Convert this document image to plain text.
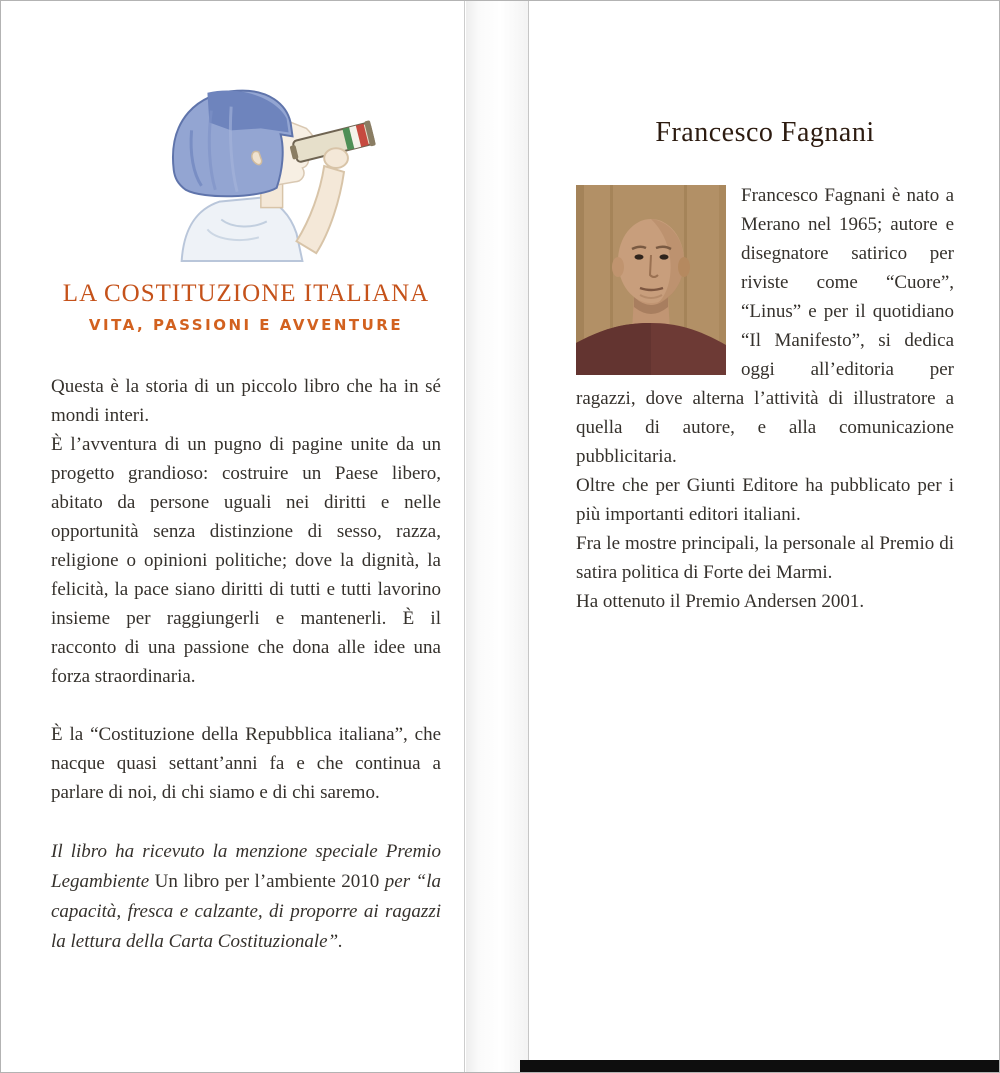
LA COSTITUZIONE ITALIANA
VITA, PASSIONI E AVVENTURE

Questa è la storia di un piccolo libro che ha in sé mondi interi.

È l’avventura di un pugno di pagine unite da un progetto grandioso: costruire un Paese libero, abitato da persone uguali nei diritti e nelle opportunità senza distinzione di sesso, razza, religione o opinioni politiche; dove la dignità, la felicità, la pace siano diritti di tutti e tutti lavorino insieme per raggiungerli e mantenerli. È il racconto di una passione che dona alle idee una forza straordinaria.

È la “Costituzione della Repubblica italiana”, che nacque quasi settant’anni fa e che continua a parlare di noi, di chi siamo e di chi saremo.

Il libro ha ricevuto la menzione speciale Premio Legambiente Un libro per l’ambiente 2010 per “la capacità, fresca e calzante, di proporre ai ragazzi la lettura della Carta Costituzionale”.

Francesco Fagnani

Francesco Fagnani è nato a Merano nel 1965; autore e disegnatore satirico per riviste come “Cuore”, “Linus” e per il quotidiano “Il Manifesto”, si dedica oggi all’editoria per ragazzi, dove alterna l’attività di illustratore a quella di autore, e alla comunicazione pubblicitaria.

Oltre che per Giunti Editore ha pubblicato per i più importanti editori italiani.

Fra le mostre principali, la personale al Premio di satira politica di Forte dei Marmi.

Ha ottenuto il Premio Andersen 2001.
